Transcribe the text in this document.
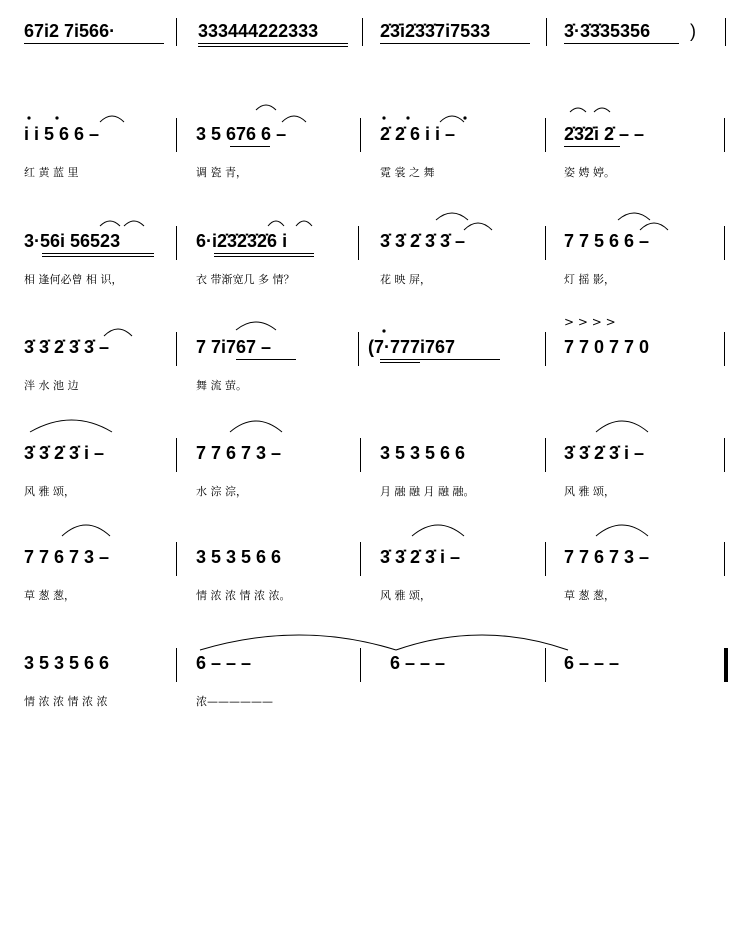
67i2 7i566·	333444222333	2̇3̇i2̇3̇3̇7i7533	3̇·3̇3̇35356 )
i i 5 6 6 –
红 黄 蓝 里
3 5 676 6 –
调 瓷 青，
2̇ 2̇ 6 i i –
霓 裳 之 舞
2̇3̇2̇i 2̇ – –
姿 娉 婷。
3·56i 56523
相 逢何必曾 相 识，
6·i2̇3̇2̇3̇2̇6 i
衣 带渐宽几 多 情？
3̇ 3̇ 2̇ 3̇ 3̇ –
花 映 屏，
7 7 5 6 6 –
灯 摇 影，
3̇ 3̇ 2̇ 3̇ 3̇ –
泮 水 池 边
7 7i767 –
舞 流 萤。
(7·777i767
> > > >
7 7 0 7 7 0
3̇ 3̇ 2̇ 3̇ i –
风 雅 颂，
7 7 6 7 3 –
水 淙 淙，
3 5 3 5 6 6
月 融 融 月 融 融。
3̇ 3̇ 2̇ 3̇ i –
风 雅 颂，
7 7 6 7 3 –
草 葱 葱，
3 5 3 5 6 6
情 浓 浓 情 浓 浓。
3̇ 3̇ 2̇ 3̇ i –
风 雅 颂，
7 7 6 7 3 –
草 葱 葱，
3 5 3 5 6 6
情 浓 浓 情 浓 浓
6 – – –
浓——————
6 – – –	6 – – –
